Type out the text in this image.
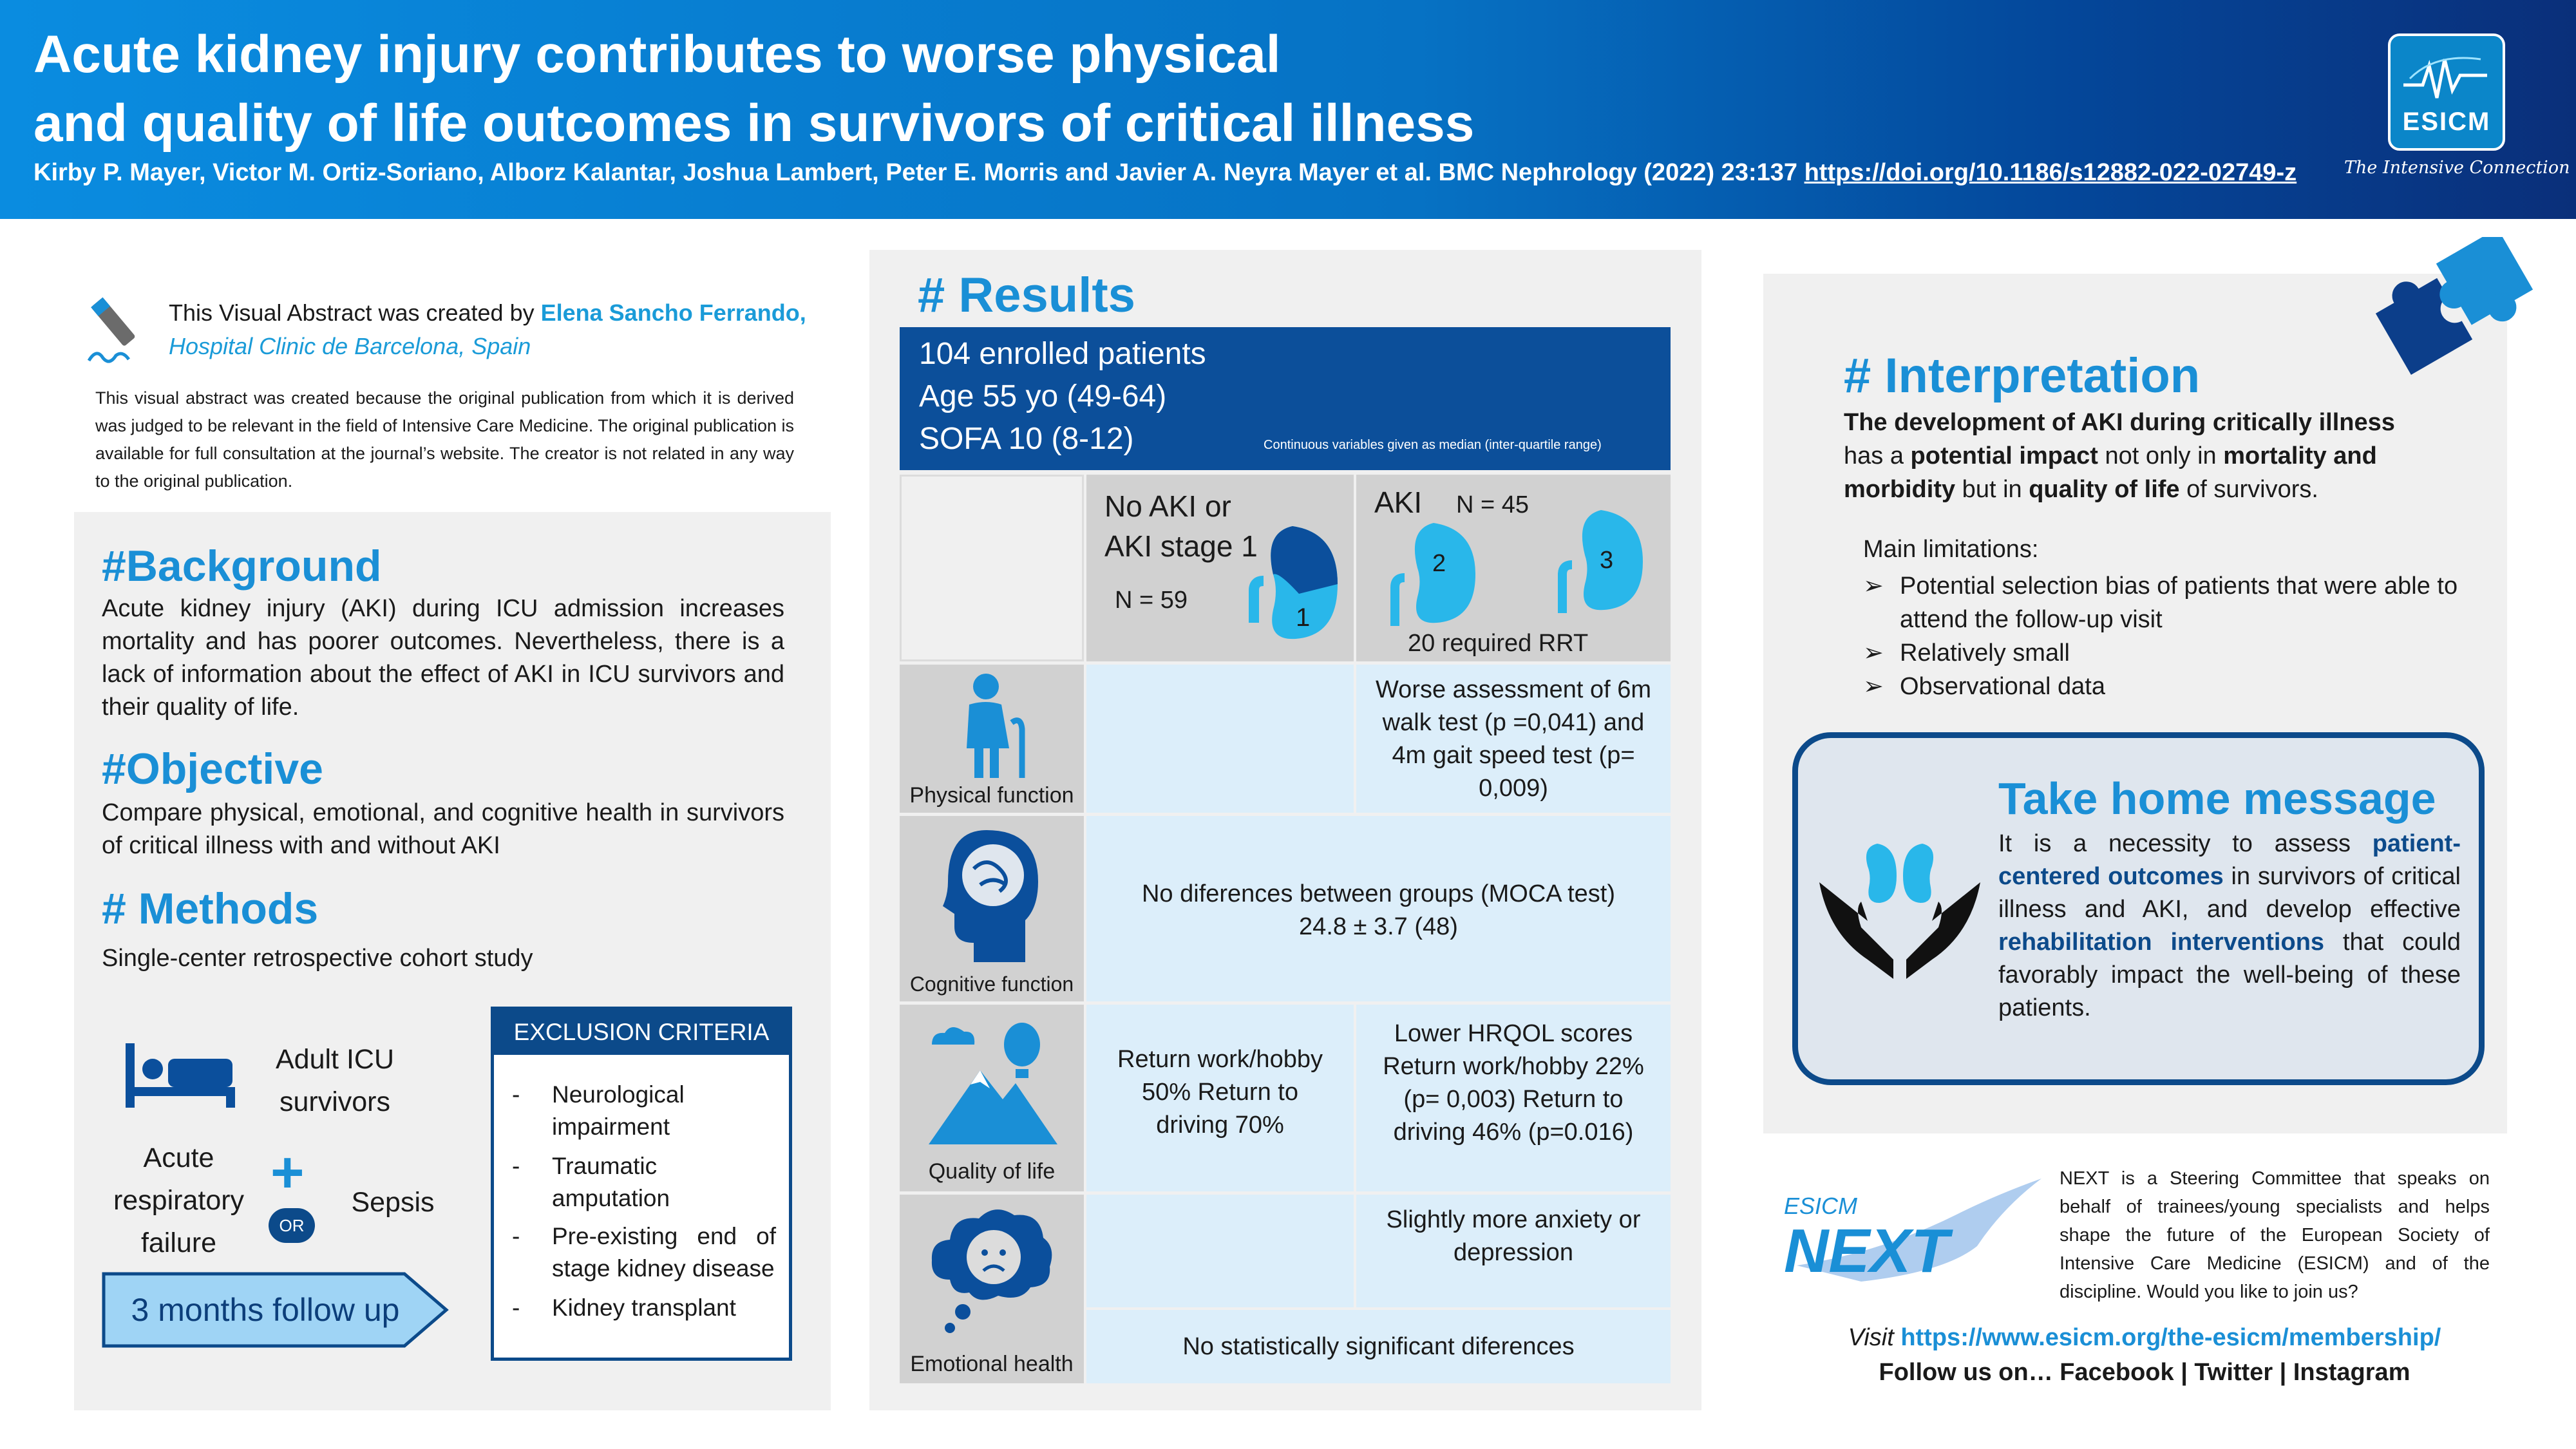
Acute kidney injury contributes to worse physical
and quality of life outcomes in survivors of critical illness
Kirby P. Mayer, Victor M. Ortiz-Soriano, Alborz Kalantar, Joshua Lambert, Peter E. Morris and Javier A. Neyra Mayer et al. BMC Nephrology (2022) 23:137 https://doi.org/10.1186/s12882-022-02749-z
ESICM
The Intensive Connection
This Visual Abstract was created by Elena Sancho Ferrando,
Hospital Clinic de Barcelona, Spain
This visual abstract was created because the original publication from which it is derived was judged to be relevant in the field of Intensive Care Medicine. The original publication is available for full consultation at the journal’s website. The creator is not related in any way to the original publication.
#Background
Acute kidney injury (AKI) during ICU admission increases mortality and has poorer outcomes. Nevertheless, there is a lack of information about the effect of AKI in ICU survivors and their quality of life.
#Objective
Compare physical, emotional, and cognitive health in survivors of critical illness with and without AKI
# Methods
Single-center retrospective cohort study
Adult ICU
survivors
Acute
respiratory
failure
+
OR
Sepsis
3 months follow up
EXCLUSION CRITERIA
- Neurological impairment
- Traumatic amputation
- Pre-existing end of stage kidney disease
- Kidney transplant
# Results
104 enrolled patients
Age 55 yo (49-64)
SOFA 10 (8-12)	Continuous variables given as median (inter-quartile range)
No AKI or
AKI stage 1
N = 59
1
AKI N = 45
2	3
20 required RRT
Physical function
Worse assessment of 6m walk test (p =0,041) and 4m gait speed test (p= 0,009)
Cognitive function
No diferences between groups (MOCA test)
24.8 ± 3.7 (48)
Quality of life
Return work/hobby 50% Return to driving 70%
Lower HRQOL scores Return work/hobby 22% (p= 0,003) Return to driving 46% (p=0.016)
Emotional health
Slightly more anxiety or depression
No statistically significant diferences
# Interpretation
The development of AKI during critically illness has a potential impact not only in mortality and morbidity but in quality of life of survivors.
Main limitations:
➢ Potential selection bias of patients that were able to attend the follow-up visit
➢ Relatively small
➢ Observational data
Take home message
It is a necessity to assess patient-centered outcomes in survivors of critical illness and AKI, and develop effective rehabilitation interventions that could favorably impact the well-being of these patients.
ESICM
NEXT
NEXT is a Steering Committee that speaks on behalf of trainees/young specialists and helps shape the future of the European Society of Intensive Care Medicine (ESICM) and of the discipline. Would you like to join us?
Visit https://www.esicm.org/the-esicm/membership/
Follow us on… Facebook | Twitter | Instagram
